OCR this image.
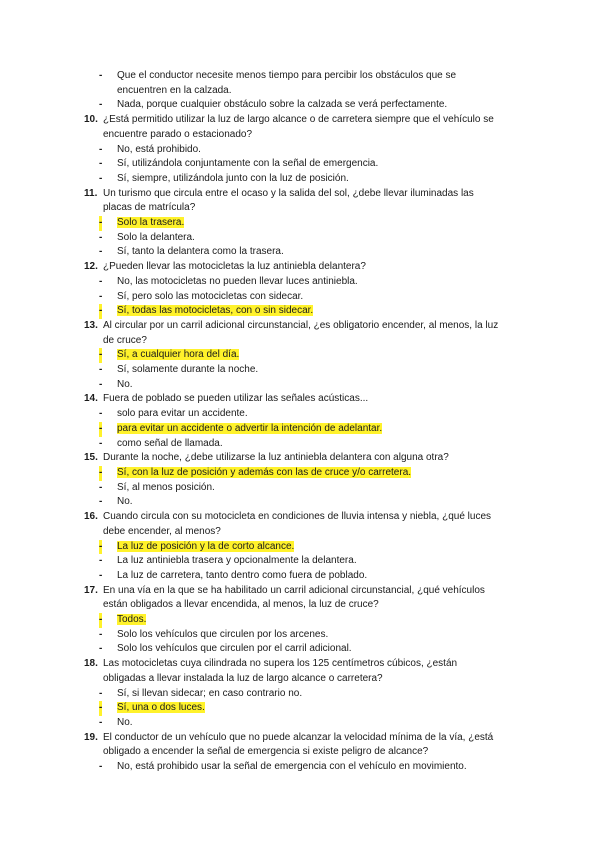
- Que el conductor necesite menos tiempo para percibir los obstáculos que se encuentren en la calzada.
- Nada, porque cualquier obstáculo sobre la calzada se verá perfectamente.
10. ¿Está permitido utilizar la luz de largo alcance o de carretera siempre que el vehículo se encuentre parado o estacionado?
- No, está prohibido.
- Sí, utilizándola conjuntamente con la señal de emergencia.
- Sí, siempre, utilizándola junto con la luz de posición.
11. Un turismo que circula entre el ocaso y la salida del sol, ¿debe llevar iluminadas las placas de matrícula?
- Solo la trasera.
- Solo la delantera.
- Sí, tanto la delantera como la trasera.
12. ¿Pueden llevar las motocicletas la luz antiniebla delantera?
- No, las motocicletas no pueden llevar luces antiniebla.
- Sí, pero solo las motocicletas con sidecar.
- Sí, todas las motocicletas, con o sin sidecar.
13. Al circular por un carril adicional circunstancial, ¿es obligatorio encender, al menos, la luz de cruce?
- Sí, a cualquier hora del día.
- Sí, solamente durante la noche.
- No.
14. Fuera de poblado se pueden utilizar las señales acústicas...
- solo para evitar un accidente.
- para evitar un accidente o advertir la intención de adelantar.
- como señal de llamada.
15. Durante la noche, ¿debe utilizarse la luz antiniebla delantera con alguna otra?
- Sí, con la luz de posición y además con las de cruce y/o carretera.
- Sí, al menos posición.
- No.
16. Cuando circula con su motocicleta en condiciones de lluvia intensa y niebla, ¿qué luces debe encender, al menos?
- La luz de posición y la de corto alcance.
- La luz antiniebla trasera y opcionalmente la delantera.
- La luz de carretera, tanto dentro como fuera de poblado.
17. En una vía en la que se ha habilitado un carril adicional circunstancial, ¿qué vehículos están obligados a llevar encendida, al menos, la luz de cruce?
- Todos.
- Solo los vehículos que circulen por los arcenes.
- Solo los vehículos que circulen por el carril adicional.
18. Las motocicletas cuya cilindrada no supera los 125 centímetros cúbicos, ¿están obligadas a llevar instalada la luz de largo alcance o carretera?
- Sí, si llevan sidecar; en caso contrario no.
- Sí, una o dos luces.
- No.
19. El conductor de un vehículo que no puede alcanzar la velocidad mínima de la vía, ¿está obligado a encender la señal de emergencia si existe peligro de alcance?
- No, está prohibido usar la señal de emergencia con el vehículo en movimiento.
